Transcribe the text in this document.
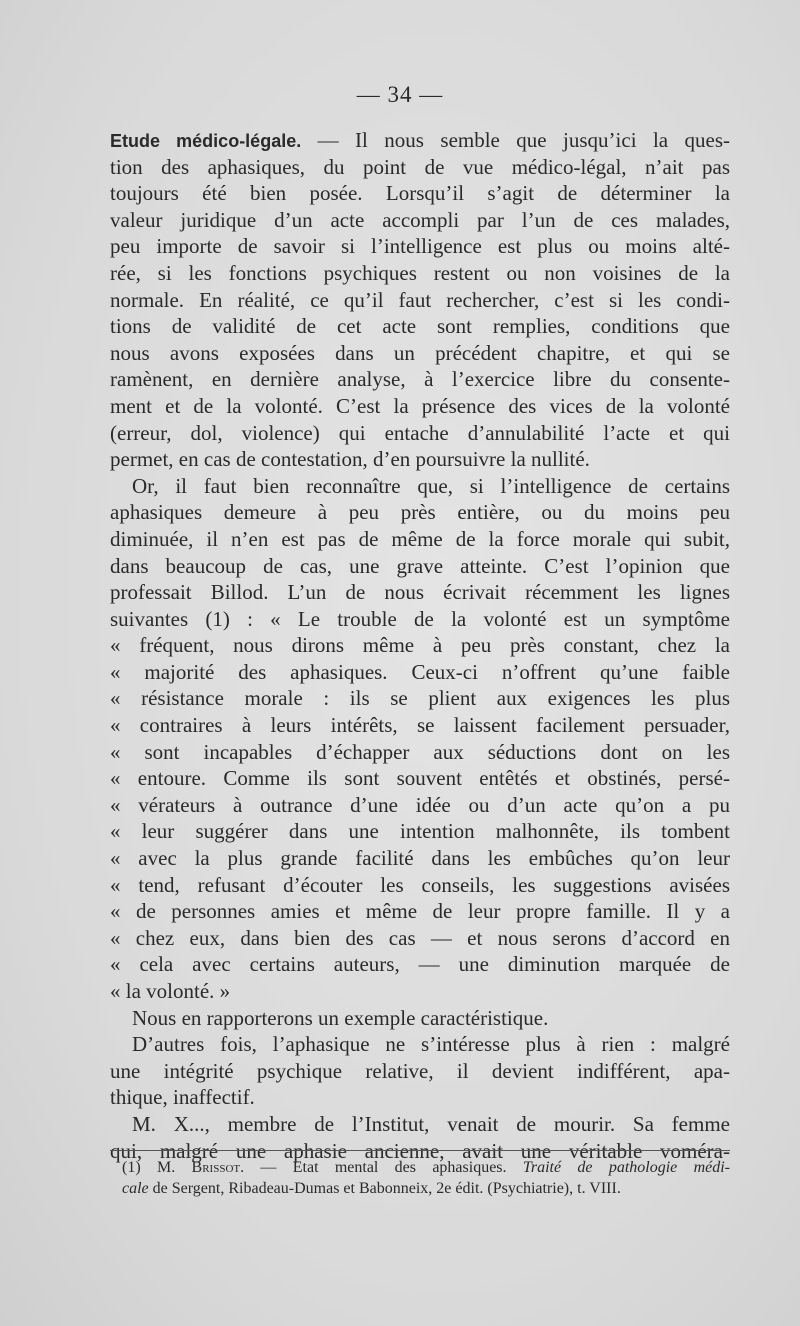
— 34 —
Etude médico-légale. — Il nous semble que jusqu’ici la ques-
tion des aphasiques, du point de vue médico-légal, n’ait pas
toujours été bien posée. Lorsqu’il s’agit de déterminer la
valeur juridique d’un acte accompli par l’un de ces malades,
peu importe de savoir si l’intelligence est plus ou moins alté-
rée, si les fonctions psychiques restent ou non voisines de la
normale. En réalité, ce qu’il faut rechercher, c’est si les condi-
tions de validité de cet acte sont remplies, conditions que
nous avons exposées dans un précédent chapitre, et qui se
ramènent, en dernière analyse, à l’exercice libre du consente-
ment et de la volonté. C’est la présence des vices de la volonté
(erreur, dol, violence) qui entache d’annulabilité l’acte et qui
permet, en cas de contestation, d’en poursuivre la nullité.
Or, il faut bien reconnaître que, si l’intelligence de certains
aphasiques demeure à peu près entière, ou du moins peu
diminuée, il n’en est pas de même de la force morale qui subit,
dans beaucoup de cas, une grave atteinte. C’est l’opinion que
professait Billod. L’un de nous écrivait récemment les lignes
suivantes (1) : « Le trouble de la volonté est un symptôme
« fréquent, nous dirons même à peu près constant, chez la
« majorité des aphasiques. Ceux-ci n’offrent qu’une faible
« résistance morale : ils se plient aux exigences les plus
« contraires à leurs intérêts, se laissent facilement persuader,
« sont incapables d’échapper aux séductions dont on les
« entoure. Comme ils sont souvent entêtés et obstinés, persé-
« vérateurs à outrance d’une idée ou d’un acte qu’on a pu
« leur suggérer dans une intention malhonnête, ils tombent
« avec la plus grande facilité dans les embûches qu’on leur
« tend, refusant d’écouter les conseils, les suggestions avisées
« de personnes amies et même de leur propre famille. Il y a
« chez eux, dans bien des cas — et nous serons d’accord en
« cela avec certains auteurs, — une diminution marquée de
« la volonté. »
Nous en rapporterons un exemple caractéristique.
D’autres fois, l’aphasique ne s’intéresse plus à rien : malgré
une intégrité psychique relative, il devient indifférent, apa-
thique, inaffectif.
M. X..., membre de l’Institut, venait de mourir. Sa femme
qui, malgré une aphasie ancienne, avait une véritable voméra-
(1) M. Brissot. — Etat mental des aphasiques. Traité de pathologie médi-
cale de Sergent, Ribadeau-Dumas et Babonneix, 2e édit. (Psychiatrie), t. VIII.
